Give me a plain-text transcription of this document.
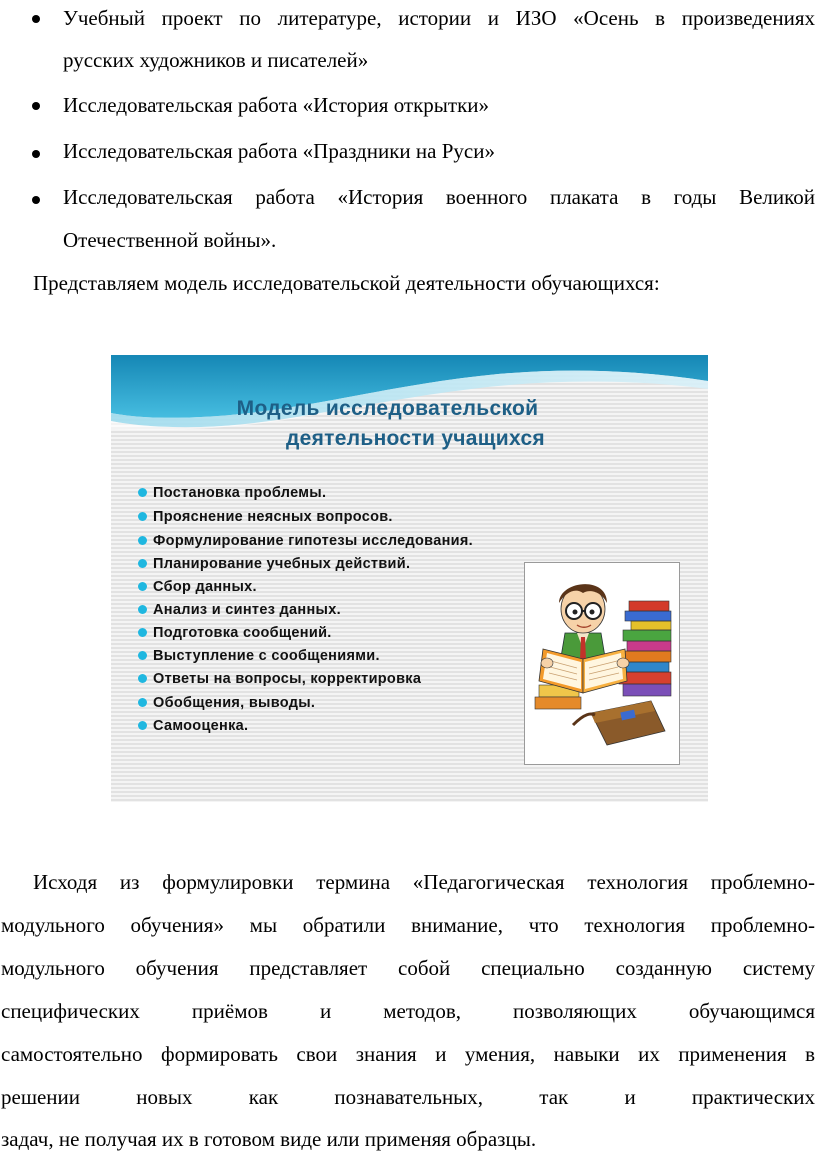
Учебный проект по литературе, истории и ИЗО «Осень в произведениях
русских художников и писателей»
Исследовательская работа «История открытки»
Исследовательская работа «Праздники на Руси»
Исследовательская работа «История военного плаката в годы Великой
Отечественной войны».
Представляем модель исследовательской деятельности обучающихся:
Модель исследовательской
деятельности учащихся
Постановка проблемы.
Прояснение неясных вопросов.
Формулирование гипотезы исследования.
Планирование учебных действий.
Сбор данных.
Анализ и синтез данных.
Подготовка сообщений.
Выступление с сообщениями.
Ответы на вопросы, корректировка
Обобщения, выводы.
Самооценка.
Исходя из формулировки термина «Педагогическая технология проблемно-
модульного обучения» мы обратили внимание, что технология проблемно-
модульного обучения представляет собой специально созданную систему
специфических приёмов и методов, позволяющих обучающимся
самостоятельно формировать свои знания и умения, навыки их применения в
решении новых как познавательных, так и практических
задач, не получая их в готовом виде или применяя образцы.
